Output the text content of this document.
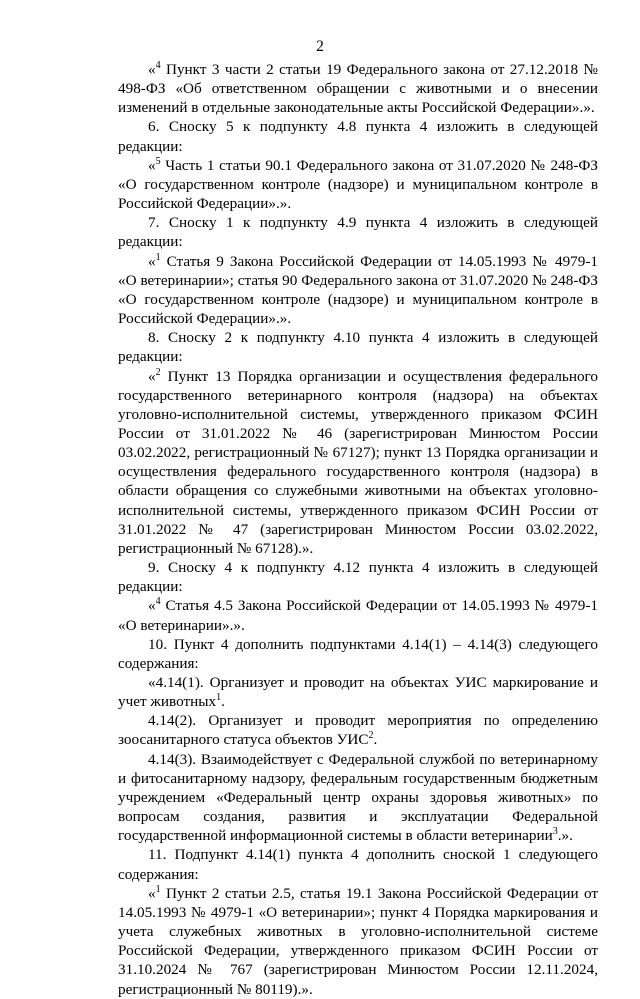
2

«$^4$ Пункт 3 части 2 статьи 19 Федерального закона от 27.12.2018 № 498-ФЗ «Об ответственном обращении с животными и о внесении изменений в отдельные законодательные акты Российской Федерации».».

6. Сноску 5 к подпункту 4.8 пункта 4 изложить в следующей редакции:

«$^5$ Часть 1 статьи 90.1 Федерального закона от 31.07.2020 № 248-ФЗ «О государственном контроле (надзоре) и муниципальном контроле в Российской Федерации».».

7. Сноску 1 к подпункту 4.9 пункта 4 изложить в следующей редакции:

«$^1$ Статья 9 Закона Российской Федерации от 14.05.1993 № 4979-1 «О ветеринарии»; статья 90 Федерального закона от 31.07.2020 № 248-ФЗ «О государственном контроле (надзоре) и муниципальном контроле в Российской Федерации».».

8. Сноску 2 к подпункту 4.10 пункта 4 изложить в следующей редакции:

«$^2$ Пункт 13 Порядка организации и осуществления федерального государственного ветеринарного контроля (надзора) на объектах уголовно-исполнительной системы, утвержденного приказом ФСИН России от 31.01.2022 № 46 (зарегистрирован Минюстом России 03.02.2022, регистрационный № 67127); пункт 13 Порядка организации и осуществления федерального государственного контроля (надзора) в области обращения со служебными животными на объектах уголовно-исполнительной системы, утвержденного приказом ФСИН России от 31.01.2022 № 47 (зарегистрирован Минюстом России 03.02.2022, регистрационный № 67128).».

9. Сноску 4 к подпункту 4.12 пункта 4 изложить в следующей редакции:

«$^4$ Статья 4.5 Закона Российской Федерации от 14.05.1993 № 4979-1 «О ветеринарии».».

10. Пункт 4 дополнить подпунктами 4.14(1) – 4.14(3) следующего содержания:

«4.14(1). Организует и проводит на объектах УИС маркирование и учет животных$^1$.

4.14(2). Организует и проводит мероприятия по определению зоосанитарного статуса объектов УИС$^2$.

4.14(3). Взаимодействует с Федеральной службой по ветеринарному и фитосанитарному надзору, федеральным государственным бюджетным учреждением «Федеральный центр охраны здоровья животных» по вопросам создания, развития и эксплуатации Федеральной государственной информационной системы в области ветеринарии$^3$.».

11. Подпункт 4.14(1) пункта 4 дополнить сноской 1 следующего содержания:

«$^1$ Пункт 2 статьи 2.5, статья 19.1 Закона Российской Федерации от 14.05.1993 № 4979-1 «О ветеринарии»; пункт 4 Порядка маркирования и учета служебных животных в уголовно-исполнительной системе Российской Федерации, утвержденного приказом ФСИН России от 31.10.2024 № 767 (зарегистрирован Минюстом России 12.11.2024, регистрационный № 80119).».
